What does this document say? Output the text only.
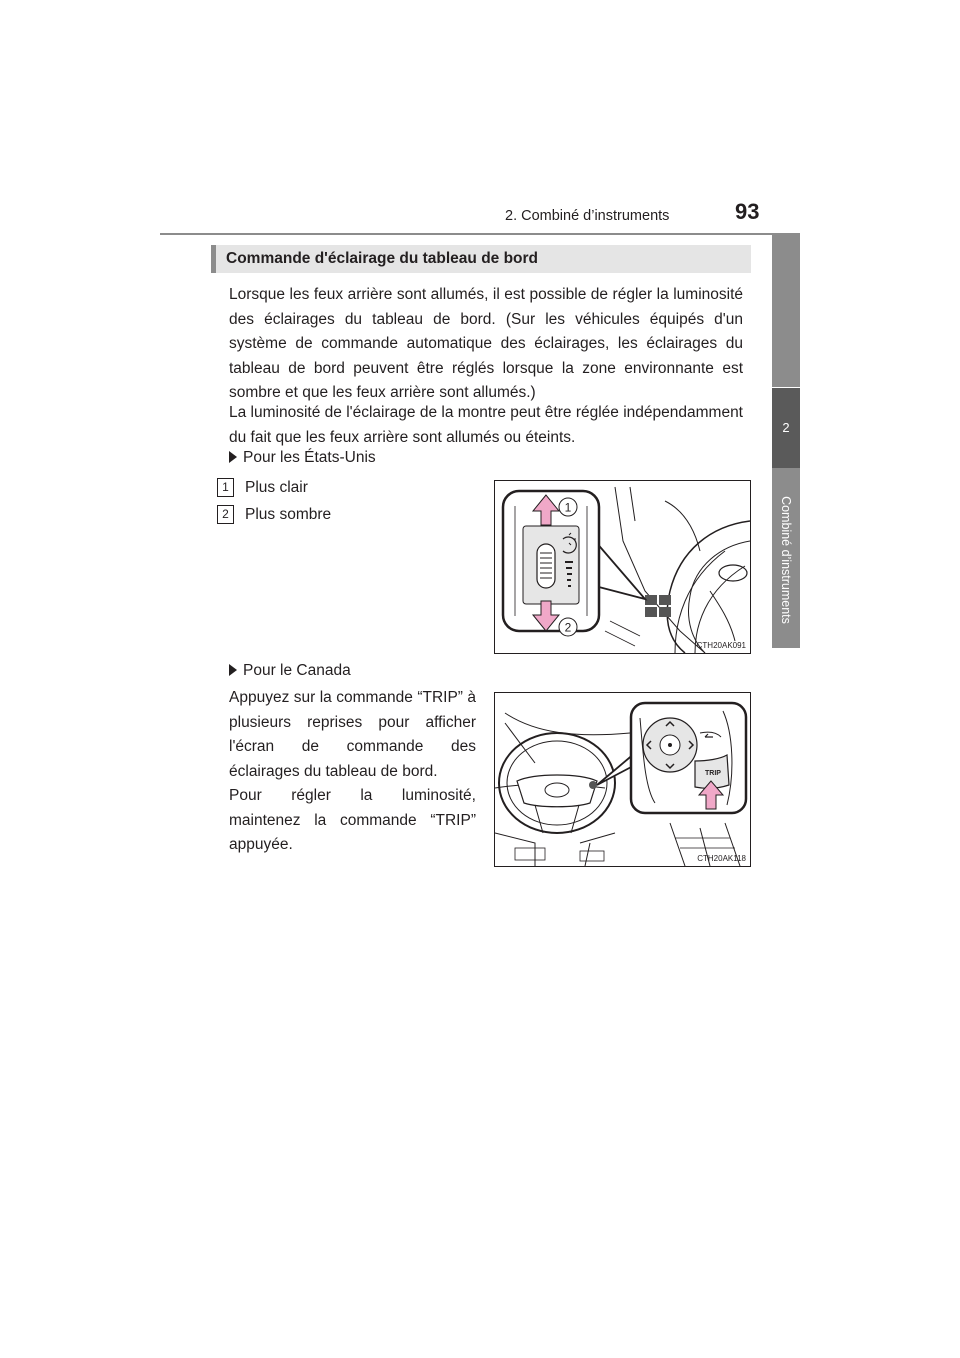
2. Combiné d’instruments	93
2
Combiné d’instruments
Commande d'éclairage du tableau de bord
Lorsque les feux arrière sont allumés, il est possible de régler la luminosité des éclairages du tableau de bord. (Sur les véhicules équipés d'un système de commande automatique des éclairages, les éclairages du tableau de bord peuvent être réglés lorsque la zone environnante est sombre et que les feux arrière sont allumés.)
La luminosité de l'éclairage de la montre peut être réglée indépendamment du fait que les feux arrière sont allumés ou éteints.
Pour les États-Unis
1 Plus clair
2 Plus sombre	1
2
CTH20AK091
Pour le Canada
Appuyez sur la commande “TRIP” à plusieurs reprises pour afficher l'écran de commande des éclairages du tableau de bord.
Pour régler la luminosité, maintenez la commande “TRIP” appuyée.
TRIP
CTH20AK118
